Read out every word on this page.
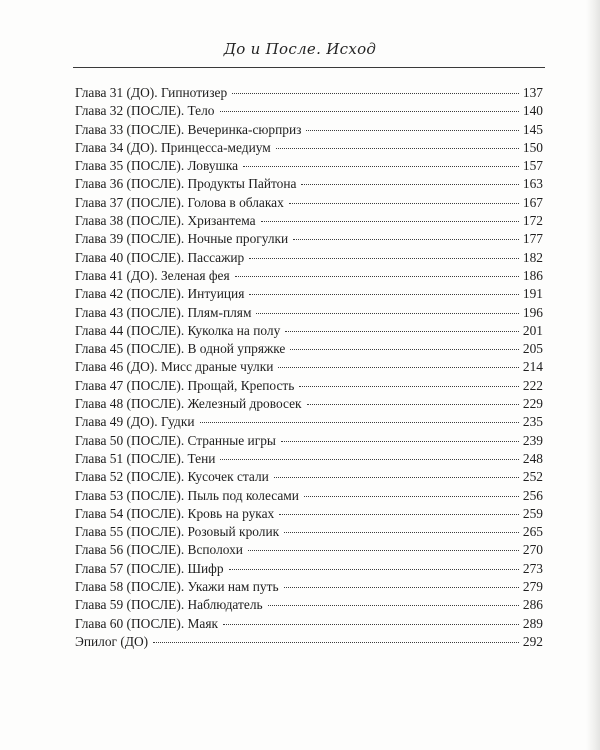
До и После. Исход
Глава 31 (ДО). Гипнотизер	137
Глава 32 (ПОСЛЕ). Тело	140
Глава 33 (ПОСЛЕ). Вечеринка-сюрприз	145
Глава 34 (ДО). Принцесса-медиум	150
Глава 35 (ПОСЛЕ). Ловушка	157
Глава 36 (ПОСЛЕ). Продукты Пайтона	163
Глава 37 (ПОСЛЕ). Голова в облаках	167
Глава 38 (ПОСЛЕ). Хризантема	172
Глава 39 (ПОСЛЕ). Ночные прогулки	177
Глава 40 (ПОСЛЕ). Пассажир	182
Глава 41 (ДО). Зеленая фея	186
Глава 42 (ПОСЛЕ). Интуиция	191
Глава 43 (ПОСЛЕ). Плям-плям	196
Глава 44 (ПОСЛЕ). Куколка на полу	201
Глава 45 (ПОСЛЕ). В одной упряжке	205
Глава 46 (ДО). Мисс драные чулки	214
Глава 47 (ПОСЛЕ). Прощай, Крепость	222
Глава 48 (ПОСЛЕ). Железный дровосек	229
Глава 49 (ДО). Гудки	235
Глава 50 (ПОСЛЕ). Странные игры	239
Глава 51 (ПОСЛЕ). Тени	248
Глава 52 (ПОСЛЕ). Кусочек стали	252
Глава 53 (ПОСЛЕ). Пыль под колесами	256
Глава 54 (ПОСЛЕ). Кровь на руках	259
Глава 55 (ПОСЛЕ). Розовый кролик	265
Глава 56 (ПОСЛЕ). Всполохи	270
Глава 57 (ПОСЛЕ). Шифр	273
Глава 58 (ПОСЛЕ). Укажи нам путь	279
Глава 59 (ПОСЛЕ). Наблюдатель	286
Глава 60 (ПОСЛЕ). Маяк	289
Эпилог (ДО)	292
